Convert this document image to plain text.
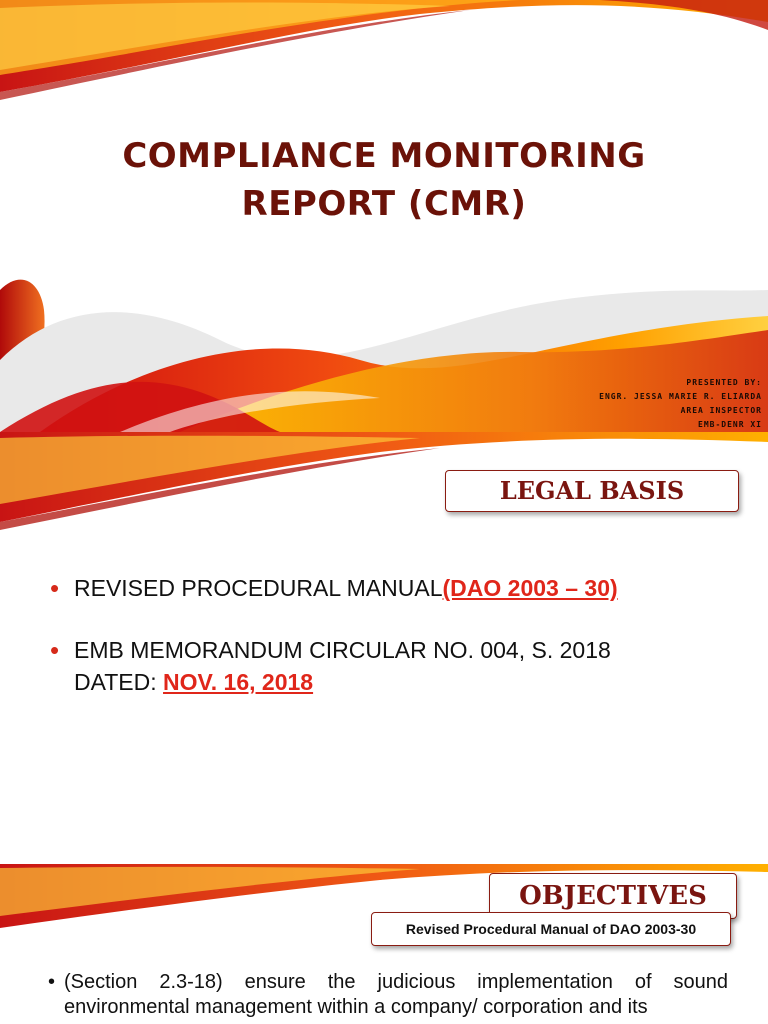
COMPLIANCE MONITORING
REPORT (CMR)
PRESENTED BY:
ENGR. JESSA MARIE R. ELIARDA
AREA INSPECTOR
EMB-DENR XI
LEGAL BASIS
• REVISED PROCEDURAL MANUAL(DAO 2003 – 30)
• EMB MEMORANDUM CIRCULAR NO. 004, S. 2018
DATED: NOV. 16, 2018
OBJECTIVES
Revised Procedural Manual of DAO 2003-30
• (Section 2.3-18) ensure the judicious implementation of sound environmental management within a company/ corporation and its
